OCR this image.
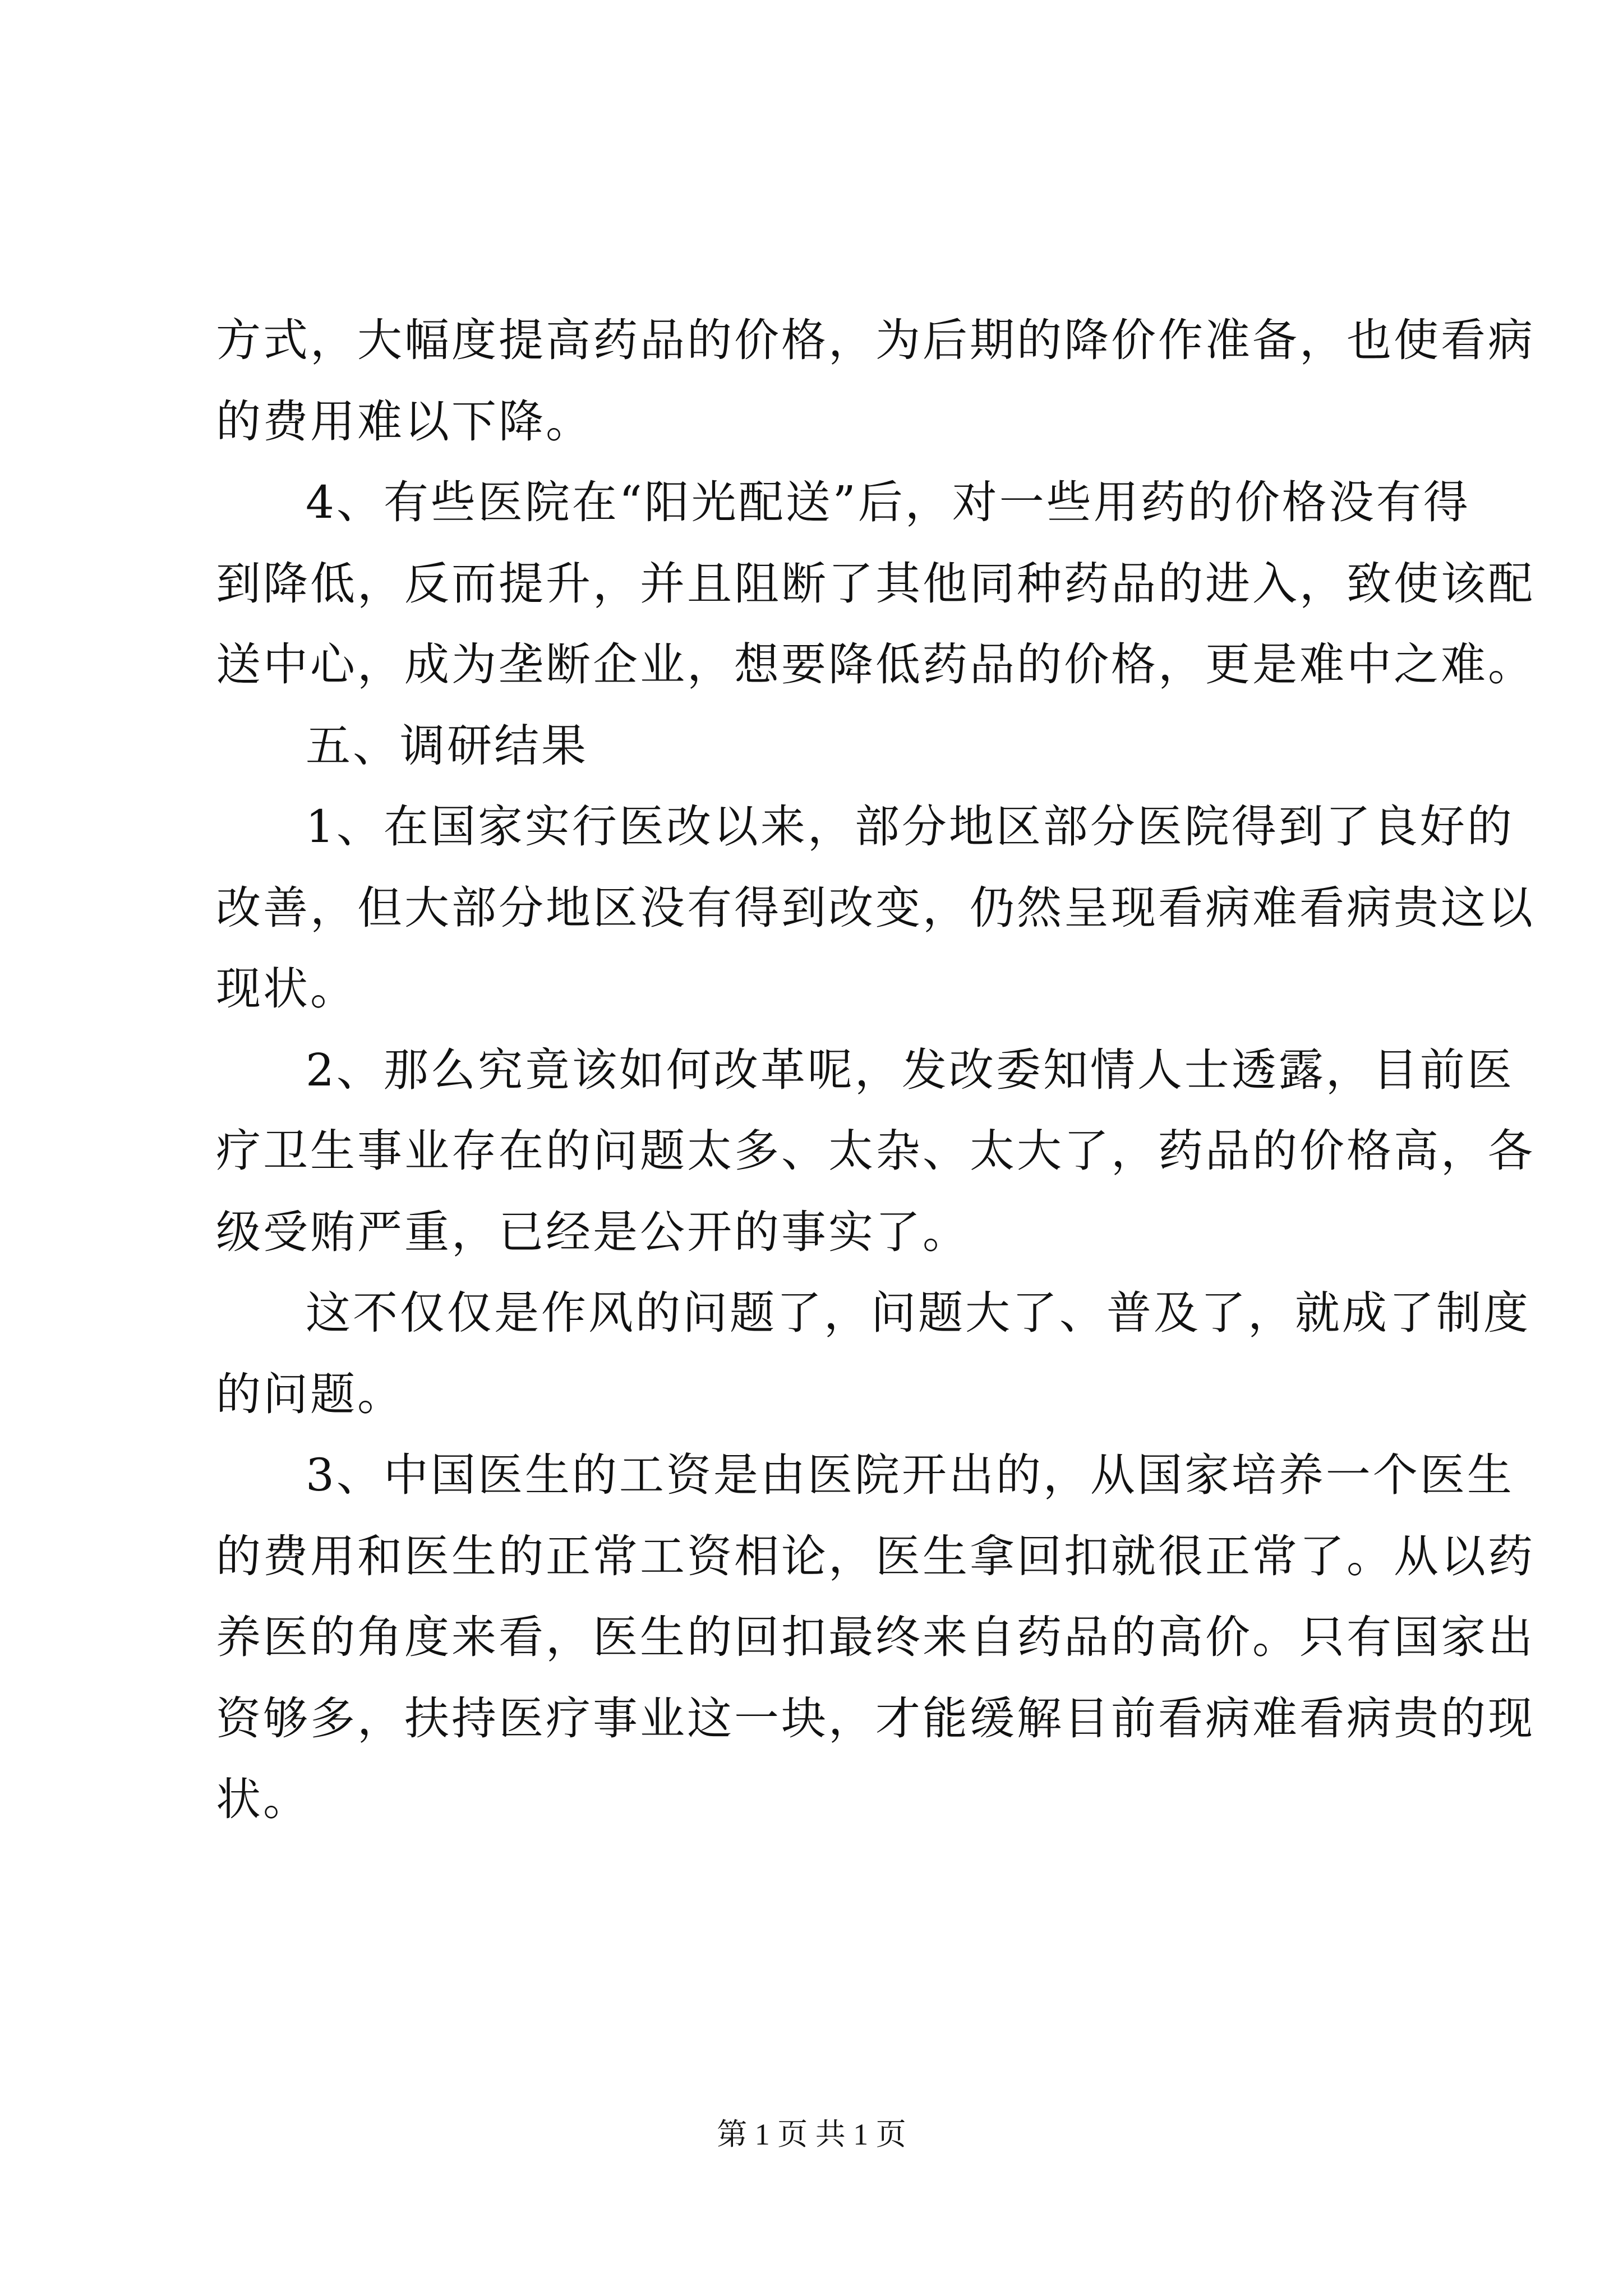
方式，大幅度提高药品的价格，为后期的降价作准备，也使看病
的费用难以下降。
4、有些医院在“阳光配送”后，对一些用药的价格没有得
到降低，反而提升，并且阻断了其他同种药品的进入，致使该配
送中心，成为垄断企业，想要降低药品的价格，更是难中之难。
五、调研结果
1、在国家实行医改以来，部分地区部分医院得到了良好的
改善，但大部分地区没有得到改变，仍然呈现看病难看病贵这以
现状。
2、那么究竟该如何改革呢，发改委知情人士透露，目前医
疗卫生事业存在的问题太多、太杂、太大了，药品的价格高，各
级受贿严重，已经是公开的事实了。
这不仅仅是作风的问题了，问题大了、普及了，就成了制度
的问题。
3、中国医生的工资是由医院开出的，从国家培养一个医生
的费用和医生的正常工资相论，医生拿回扣就很正常了。从以药
养医的角度来看，医生的回扣最终来自药品的高价。只有国家出
资够多，扶持医疗事业这一块，才能缓解目前看病难看病贵的现
状。
第 1 页 共 1 页
